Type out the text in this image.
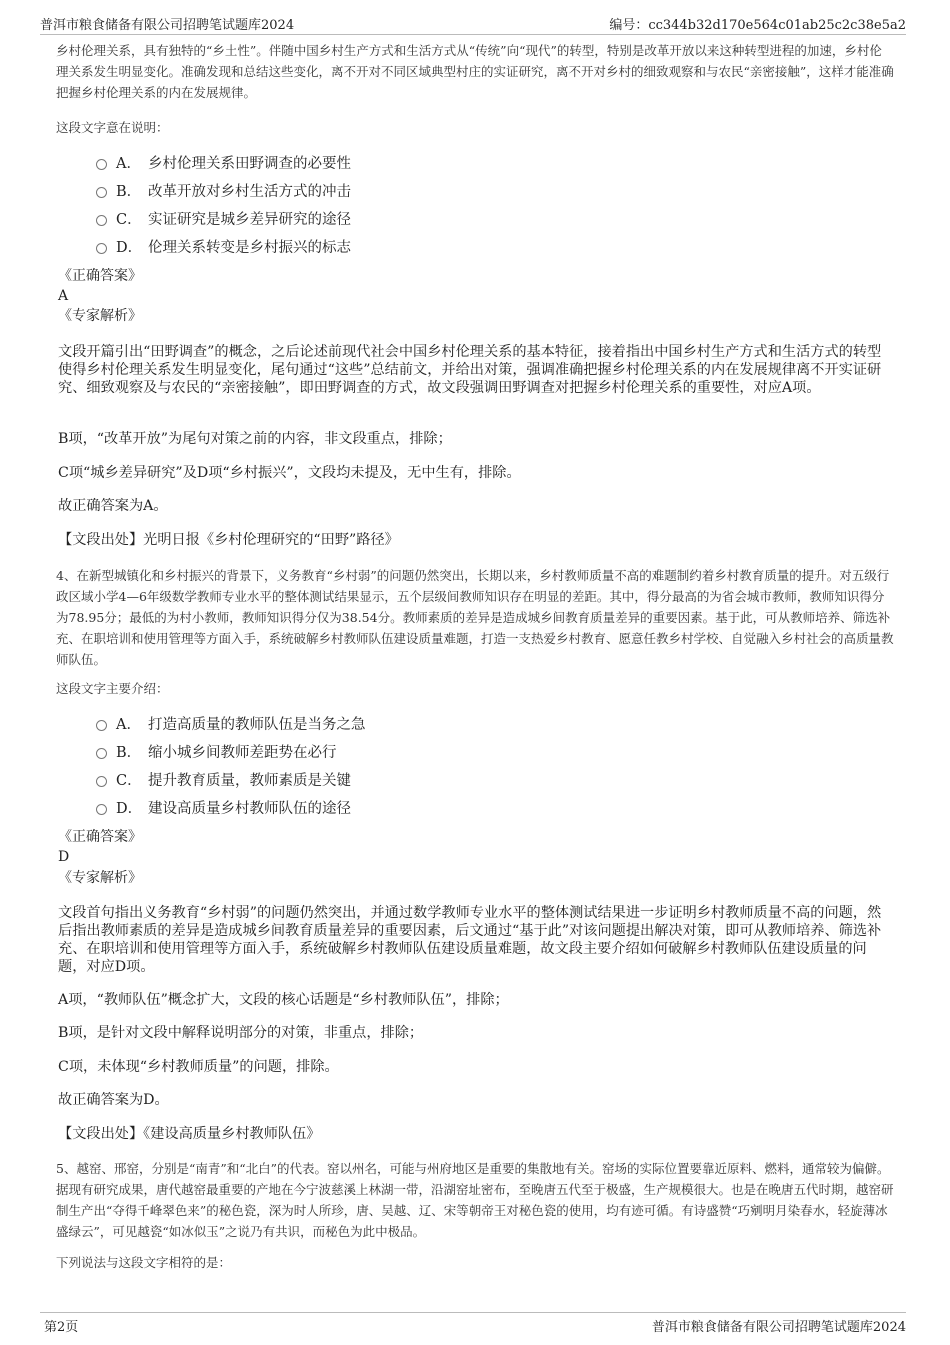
普洱市粮食储备有限公司招聘笔试题库2024	编号：cc344b32d170e564c01ab25c2c38e5a2

乡村伦理关系，具有独特的“乡土性”。伴随中国乡村生产方式和生活方式从“传统”向“现代”的转型，特别是改革开放以来这种转型进程的加速，乡村伦理关系发生明显变化。准确发现和总结这些变化，离不开对不同区域典型村庄的实证研究，离不开对乡村的细致观察和与农民“亲密接触”，这样才能准确把握乡村伦理关系的内在发展规律。

这段文字意在说明：

A． 乡村伦理关系田野调查的必要性
B． 改革开放对乡村生活方式的冲击
C． 实证研究是城乡差异研究的途径
D． 伦理关系转变是乡村振兴的标志
《正确答案》
A
《专家解析》

文段开篇引出“田野调查”的概念，之后论述前现代社会中国乡村伦理关系的基本特征，接着指出中国乡村生产方式和生活方式的转型使得乡村伦理关系发生明显变化，尾句通过“这些”总结前文，并给出对策，强调准确把握乡村伦理关系的内在发展规律离不开实证研究、细致观察及与农民的“亲密接触”，即田野调查的方式，故文段强调田野调查对把握乡村伦理关系的重要性，对应A项。

B项，“改革开放”为尾句对策之前的内容，非文段重点，排除；

C项“城乡差异研究”及D项“乡村振兴”，文段均未提及，无中生有，排除。

故正确答案为A。

【文段出处】光明日报《乡村伦理研究的“田野”路径》

4、在新型城镇化和乡村振兴的背景下，义务教育“乡村弱”的问题仍然突出，长期以来，乡村教师质量不高的难题制约着乡村教育质量的提升。对五级行政区域小学4—6年级数学教师专业水平的整体测试结果显示，五个层级间教师知识存在明显的差距。其中，得分最高的为省会城市教师，教师知识得分为78.95分；最低的为村小教师，教师知识得分仅为38.54分。教师素质的差异是造成城乡间教育质量差异的重要因素。基于此，可从教师培养、筛选补充、在职培训和使用管理等方面入手，系统破解乡村教师队伍建设质量难题，打造一支热爱乡村教育、愿意任教乡村学校、自觉融入乡村社会的高质量教师队伍。

这段文字主要介绍：

A． 打造高质量的教师队伍是当务之急
B． 缩小城乡间教师差距势在必行
C． 提升教育质量，教师素质是关键
D． 建设高质量乡村教师队伍的途径
《正确答案》
D
《专家解析》

文段首句指出义务教育“乡村弱”的问题仍然突出，并通过数学教师专业水平的整体测试结果进一步证明乡村教师质量不高的问题，然后指出教师素质的差异是造成城乡间教育质量差异的重要因素，后文通过“基于此”对该问题提出解决对策，即可从教师培养、筛选补充、在职培训和使用管理等方面入手，系统破解乡村教师队伍建设质量难题，故文段主要介绍如何破解乡村教师队伍建设质量的问题，对应D项。

A项，“教师队伍”概念扩大，文段的核心话题是“乡村教师队伍”，排除；

B项，是针对文段中解释说明部分的对策，非重点，排除；

C项，未体现“乡村教师质量”的问题，排除。

故正确答案为D。

【文段出处】《建设高质量乡村教师队伍》

5、越窑、邢窑，分别是“南青”和“北白”的代表。窑以州名，可能与州府地区是重要的集散地有关。窑场的实际位置要靠近原料、燃料，通常较为偏僻。据现有研究成果，唐代越窑最重要的产地在今宁波慈溪上林湖一带，沿湖窑址密布，至晚唐五代至于极盛，生产规模很大。也是在晚唐五代时期，越窑研制生产出“夺得千峰翠色来”的秘色瓷，深为时人所珍，唐、吴越、辽、宋等朝帝王对秘色瓷的使用，均有迹可循。有诗盛赞“巧剜明月染春水，轻旋薄冰盛绿云”，可见越瓷“如冰似玉”之说乃有共识，而秘色为此中极品。

下列说法与这段文字相符的是：

第2页	普洱市粮食储备有限公司招聘笔试题库2024
